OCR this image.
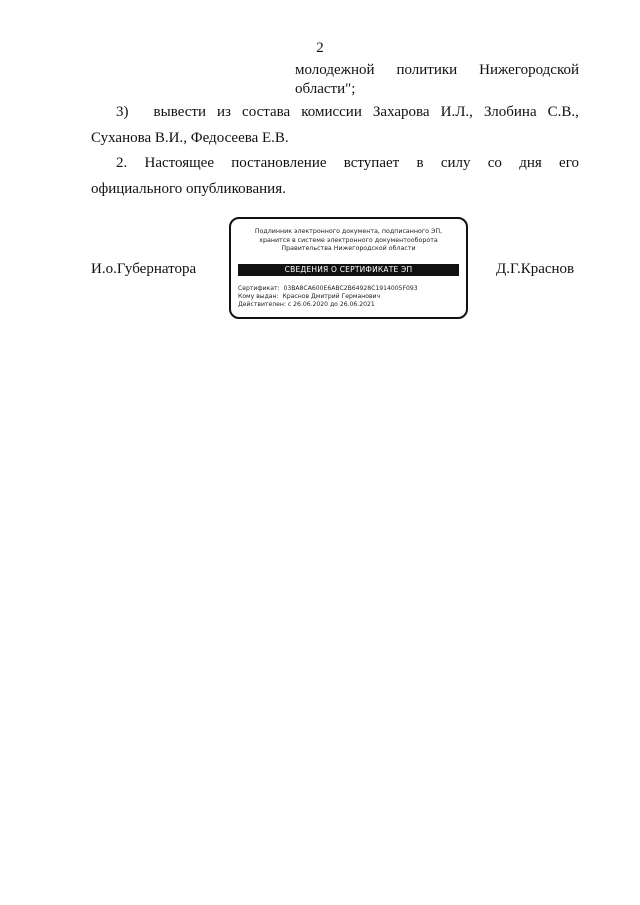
2
молодежной политики Нижегородской
области";
3) вывести из состава комиссии Захарова И.Л., Злобина С.В.,
Суханова В.И., Федосеева Е.В.
2. Настоящее постановление вступает в силу со дня его
официального опубликования.
И.о.Губернатора
Подлинник электронного документа, подписанного ЭП,
хранится в системе электронного документооборота
Правительства Нижегородской области
СВЕДЕНИЯ О СЕРТИФИКАТЕ ЭП
Сертификат: 03BA8CA600E6ABC2B64928C1914005F093
Кому выдан: Краснов Дмитрий Германович
Действителен: с 26.06.2020 до 26.06.2021
Д.Г.Краснов
